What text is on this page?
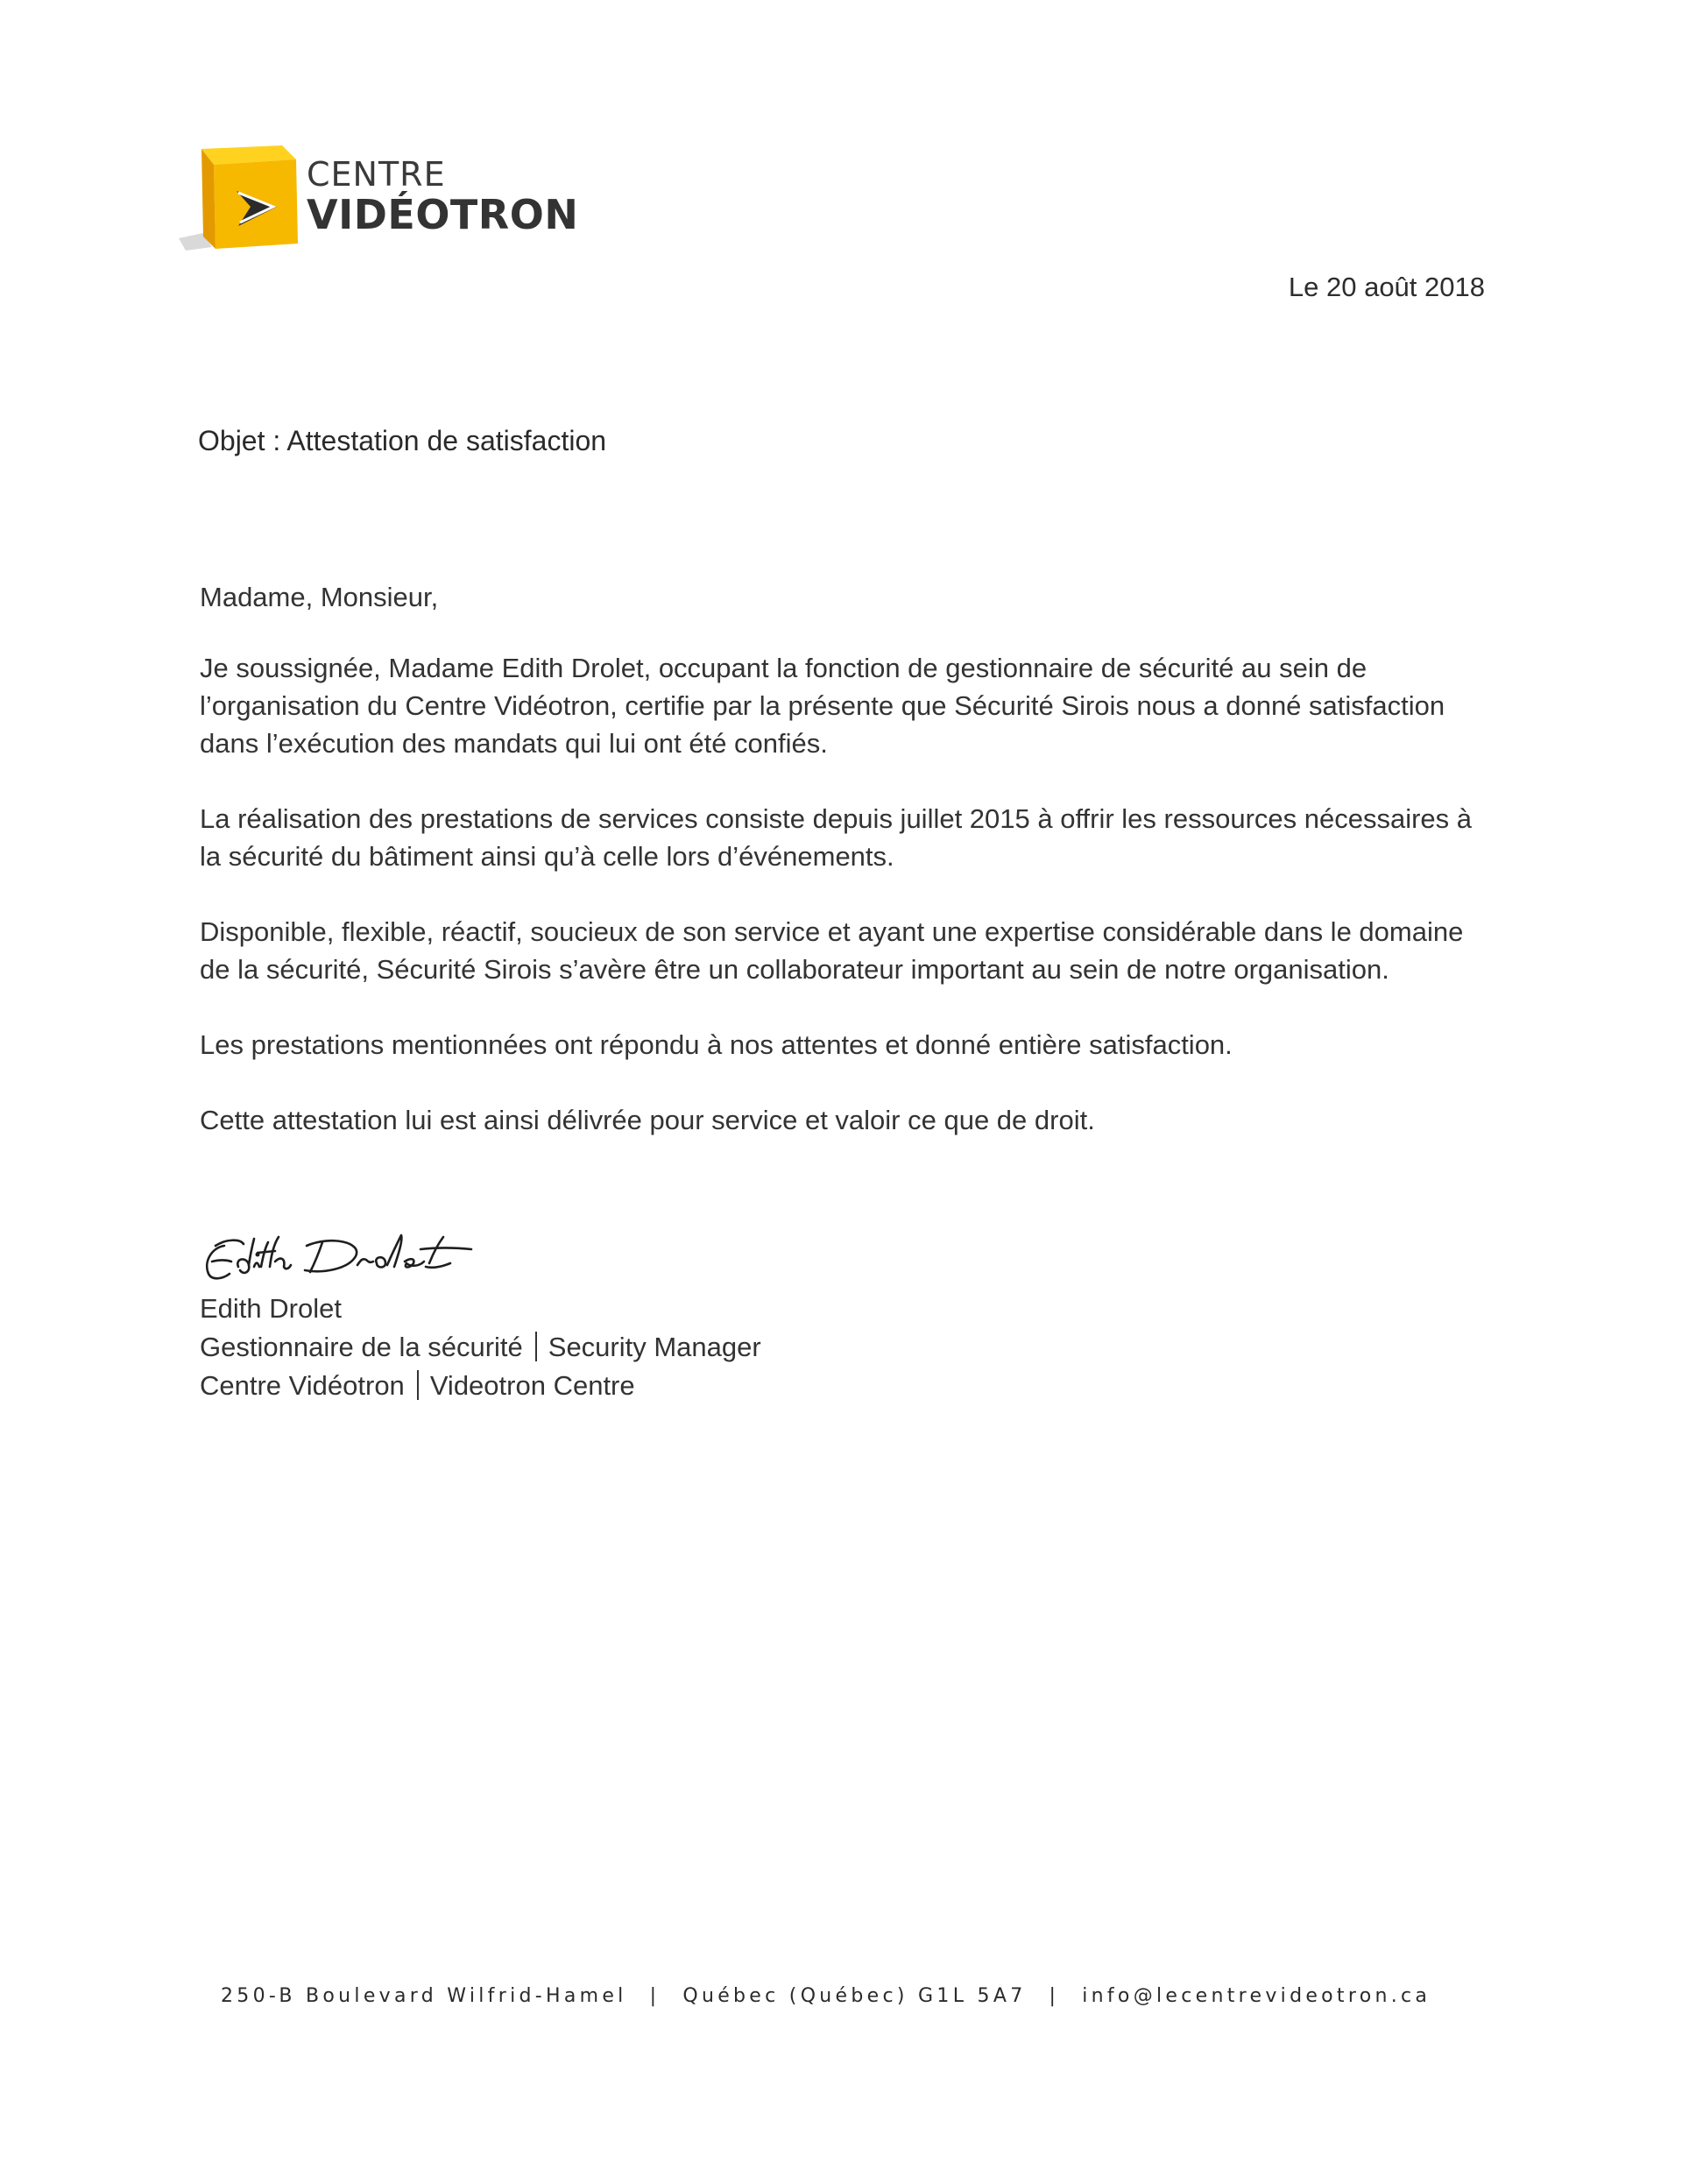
CENTRE
VIDÉOTRON
Le 20 août 2018
Objet : Attestation de satisfaction

Madame, Monsieur,

Je soussignée, Madame Edith Drolet, occupant la fonction de gestionnaire de sécurité au sein de l’organisation du Centre Vidéotron, certifie par la présente que Sécurité Sirois nous a donné satisfaction dans l’exécution des mandats qui lui ont été confiés.

La réalisation des prestations de services consiste depuis juillet 2015 à offrir les ressources nécessaires à la sécurité du bâtiment ainsi qu’à celle lors d’événements.

Disponible, flexible, réactif, soucieux de son service et ayant une expertise considérable dans le domaine de la sécurité, Sécurité Sirois s’avère être un collaborateur important au sein de notre organisation.

Les prestations mentionnées ont répondu à nos attentes et donné entière satisfaction.

Cette attestation lui est ainsi délivrée pour service et valoir ce que de droit.

Edith Drolet
Gestionnaire de la sécurité Security Manager
Centre Vidéotron Videotron Centre
250-B Boulevard Wilfrid-Hamel | Québec (Québec) G1L 5A7 | info@lecentrevideotron.ca
